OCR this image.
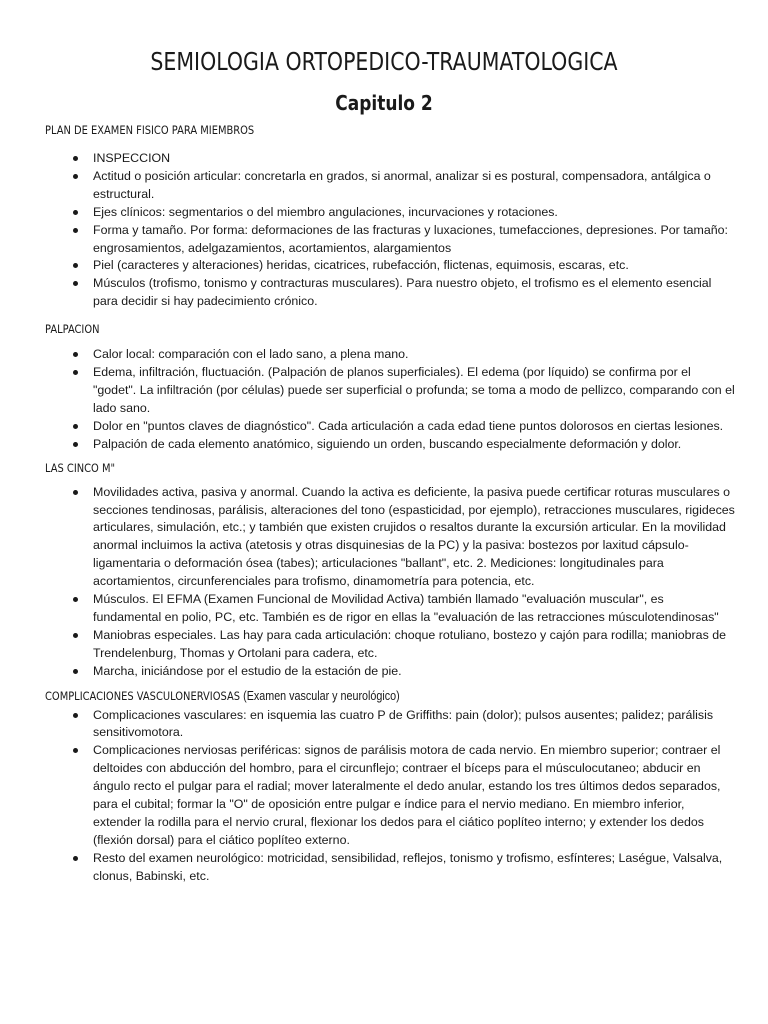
SEMIOLOGIA ORTOPEDICO-TRAUMATOLOGICA
Capitulo 2
PLAN DE EXAMEN FISICO PARA MIEMBROS
INSPECCION
Actitud o posición articular: concretarla en grados, si anormal, analizar si es postural, compensadora, antálgica o estructural.
Ejes clínicos: segmentarios o del miembro angulaciones, incurvaciones y rotaciones.
Forma y tamaño. Por forma: deformaciones de las fracturas y luxaciones, tumefacciones, depresiones. Por tamaño: engrosamientos, adelgazamientos, acortamientos, alargamientos
Piel (caracteres y alteraciones) heridas, cicatrices, rubefacción, flictenas, equimosis, escaras, etc.
Músculos (trofismo, tonismo y contracturas musculares). Para nuestro objeto, el trofismo es el elemento esencial para decidir si hay padecimiento crónico.
PALPACION
Calor local: comparación con el lado sano, a plena mano.
Edema, infiltración, fluctuación. (Palpación de planos superficiales). El edema (por líquido) se confirma por el "godet". La infiltración (por células) puede ser superficial o profunda; se toma a modo de pellizco, comparando con el lado sano.
Dolor en "puntos claves de diagnóstico". Cada articulación a cada edad tiene puntos dolorosos en ciertas lesiones.
Palpación de cada elemento anatómico, siguiendo un orden, buscando especialmente deformación y dolor.
LAS CINCO M"
Movilidades activa, pasiva y anormal. Cuando la activa es deficiente, la pasiva puede certificar roturas musculares o secciones tendinosas, parálisis, alteraciones del tono (espasticidad, por ejemplo), retracciones musculares, rigideces articulares, simulación, etc.; y también que existen crujidos o resaltos durante la excursión articular. En la movilidad anormal incluimos la activa (atetosis y otras disquinesias de la PC) y la pasiva: bostezos por laxitud cápsulo-ligamentaria o deformación ósea (tabes); articulaciones "ballant", etc. 2. Mediciones: longitudinales para acortamientos, circunferenciales para trofismo, dinamometría para potencia, etc.
Músculos. El EFMA (Examen Funcional de Movilidad Activa) también llamado "evaluación muscular", es fundamental en polio, PC, etc. También es de rigor en ellas la "evaluación de las retracciones músculotendinosas"
Maniobras especiales. Las hay para cada articulación: choque rotuliano, bostezo y cajón para rodilla; maniobras de Trendelenburg, Thomas y Ortolani para cadera, etc.
Marcha, iniciándose por el estudio de la estación de pie.
COMPLICACIONES VASCULONERVIOSAS (Examen vascular y neurológico)
Complicaciones vasculares: en isquemia las cuatro P de Griffiths: pain (dolor); pulsos ausentes; palidez; parálisis sensitivomotora.
Complicaciones nerviosas periféricas: signos de parálisis motora de cada nervio. En miembro superior; contraer el deltoides con abducción del hombro, para el circunflejo; contraer el bíceps para el músculocutaneo; abducir en ángulo recto el pulgar para el radial; mover lateralmente el dedo anular, estando los tres últimos dedos separados, para el cubital; formar la "O" de oposición entre pulgar e índice para el nervio mediano. En miembro inferior, extender la rodilla para el nervio crural, flexionar los dedos para el ciático poplíteo interno; y extender los dedos (flexión dorsal) para el ciático poplíteo externo.
Resto del examen neurológico: motricidad, sensibilidad, reflejos, tonismo y trofismo, esfínteres; Laségue, Valsalva, clonus, Babinski, etc.
